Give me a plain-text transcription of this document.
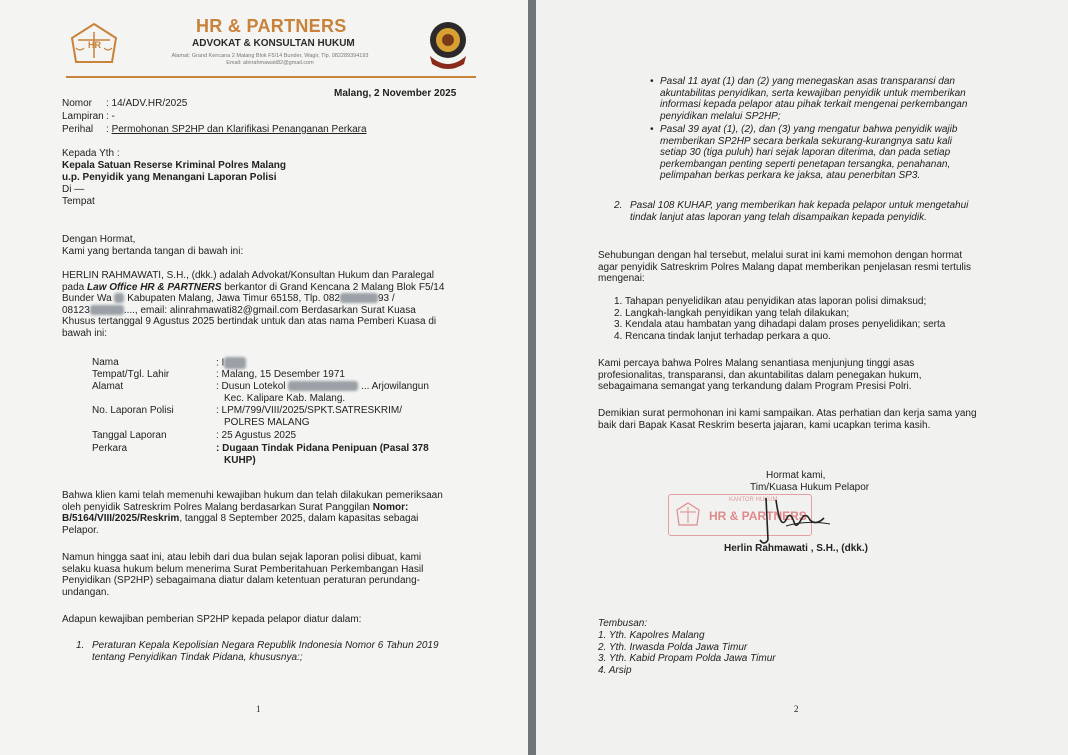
HR
HR & PARTNERS
ADVOKAT & KONSULTAN HUKUM
Alamat: Grand Kencana 2 Malang Blok F5/14 Bunder, Wagir, Tlp. 082289394193
Email: alinrahmawati82@gmail.com
Malang, 2 November 2025
Nomor	: 14/ADV.HR/2025
Lampiran : -
Perihal : Permohonan SP2HP dan Klarifikasi Penanganan Perkara
Kepada Yth :
Kepala Satuan Reserse Kriminal Polres Malang
u.p. Penyidik yang Menangani Laporan Polisi
Di —
Tempat
Dengan Hormat,
Kami yang bertanda tangan di bawah ini:
HERLIN RAHMAWATI, S.H., (dkk.) adalah Advokat/Konsultan Hukum dan Paralegal
pada Law Office HR & PARTNERS berkantor di Grand Kencana 2 Malang Blok F5/14
Bunder Wa  Kabupaten Malang, Jawa Timur 65158, Tlp. 082	93 /
08123	...., email: alinrahmawati82@gmail.com Berdasarkan Surat Kuasa
Khusus tertanggal 9 Agustus 2025 bertindak untuk dan atas nama Pemberi Kuasa di
bawah ini:
Nama	: I
Tempat/Tgl. Lahir	: Malang, 15 Desember 1971
Alamat	: Dusun Lotekol	... Arjowilangun
Kec. Kalipare Kab. Malang.
No. Laporan Polisi	: LPM/799/VIII/2025/SPKT.SATRESKRIM/
POLRES MALANG
Tanggal Laporan	: 25 Agustus 2025
Perkara	: Dugaan Tindak Pidana Penipuan (Pasal 378
KUHP)
Bahwa klien kami telah memenuhi kewajiban hukum dan telah dilakukan pemeriksaan
oleh penyidik Satreskrim Polres Malang berdasarkan Surat Panggilan Nomor:
B/5164/VIII/2025/Reskrim, tanggal 8 September 2025, dalam kapasitas sebagai
Pelapor.
Namun hingga saat ini, atau lebih dari dua bulan sejak laporan polisi dibuat, kami
selaku kuasa hukum belum menerima Surat Pemberitahuan Perkembangan Hasil
Penyidikan (SP2HP) sebagaimana diatur dalam ketentuan peraturan perundang-
undangan.
Adapun kewajiban pemberian SP2HP kepada pelapor diatur dalam:
1. Peraturan Kepala Kepolisian Negara Republik Indonesia Nomor 6 Tahun 2019
tentang Penyidikan Tindak Pidana, khususnya:;
1
• Pasal 11 ayat (1) dan (2) yang menegaskan asas transparansi dan
akuntabilitas penyidikan, serta kewajiban penyidik untuk memberikan
informasi kepada pelapor atau pihak terkait mengenai perkembangan
penyidikan melalui SP2HP;
• Pasal 39 ayat (1), (2), dan (3) yang mengatur bahwa penyidik wajib
memberikan SP2HP secara berkala sekurang-kurangnya satu kali
setiap 30 (tiga puluh) hari sejak laporan diterima, dan pada setiap
perkembangan penting seperti penetapan tersangka, penahanan,
pelimpahan berkas perkara ke jaksa, atau penerbitan SP3.
2. Pasal 108 KUHAP, yang memberikan hak kepada pelapor untuk mengetahui
tindak lanjut atas laporan yang telah disampaikan kepada penyidik.
Sehubungan dengan hal tersebut, melalui surat ini kami memohon dengan hormat
agar penyidik Satreskrim Polres Malang dapat memberikan penjelasan resmi tertulis
mengenai:
1. Tahapan penyelidikan atau penyidikan atas laporan polisi dimaksud;
2. Langkah-langkah penyidikan yang telah dilakukan;
3. Kendala atau hambatan yang dihadapi dalam proses penyelidikan; serta
4. Rencana tindak lanjut terhadap perkara a quo.
Kami percaya bahwa Polres Malang senantiasa menjunjung tinggi asas
profesionalitas, transparansi, dan akuntabilitas dalam penegakan hukum,
sebagaimana semangat yang terkandung dalam Program Presisi Polri.
Demikian surat permohonan ini kami sampaikan. Atas perhatian dan kerja sama yang
baik dari Bapak Kasat Reskrim beserta jajaran, kami ucapkan terima kasih.
Hormat kami,
Tim/Kuasa Hukum Pelapor
KANTOR HUKUM
HR & PARTNERS
Herlin Rahmawati , S.H., (dkk.)
Tembusan:
1. Yth. Kapolres Malang
2. Yth. Irwasda Polda Jawa Timur
3. Yth. Kabid Propam Polda Jawa Timur
4. Arsip
2
